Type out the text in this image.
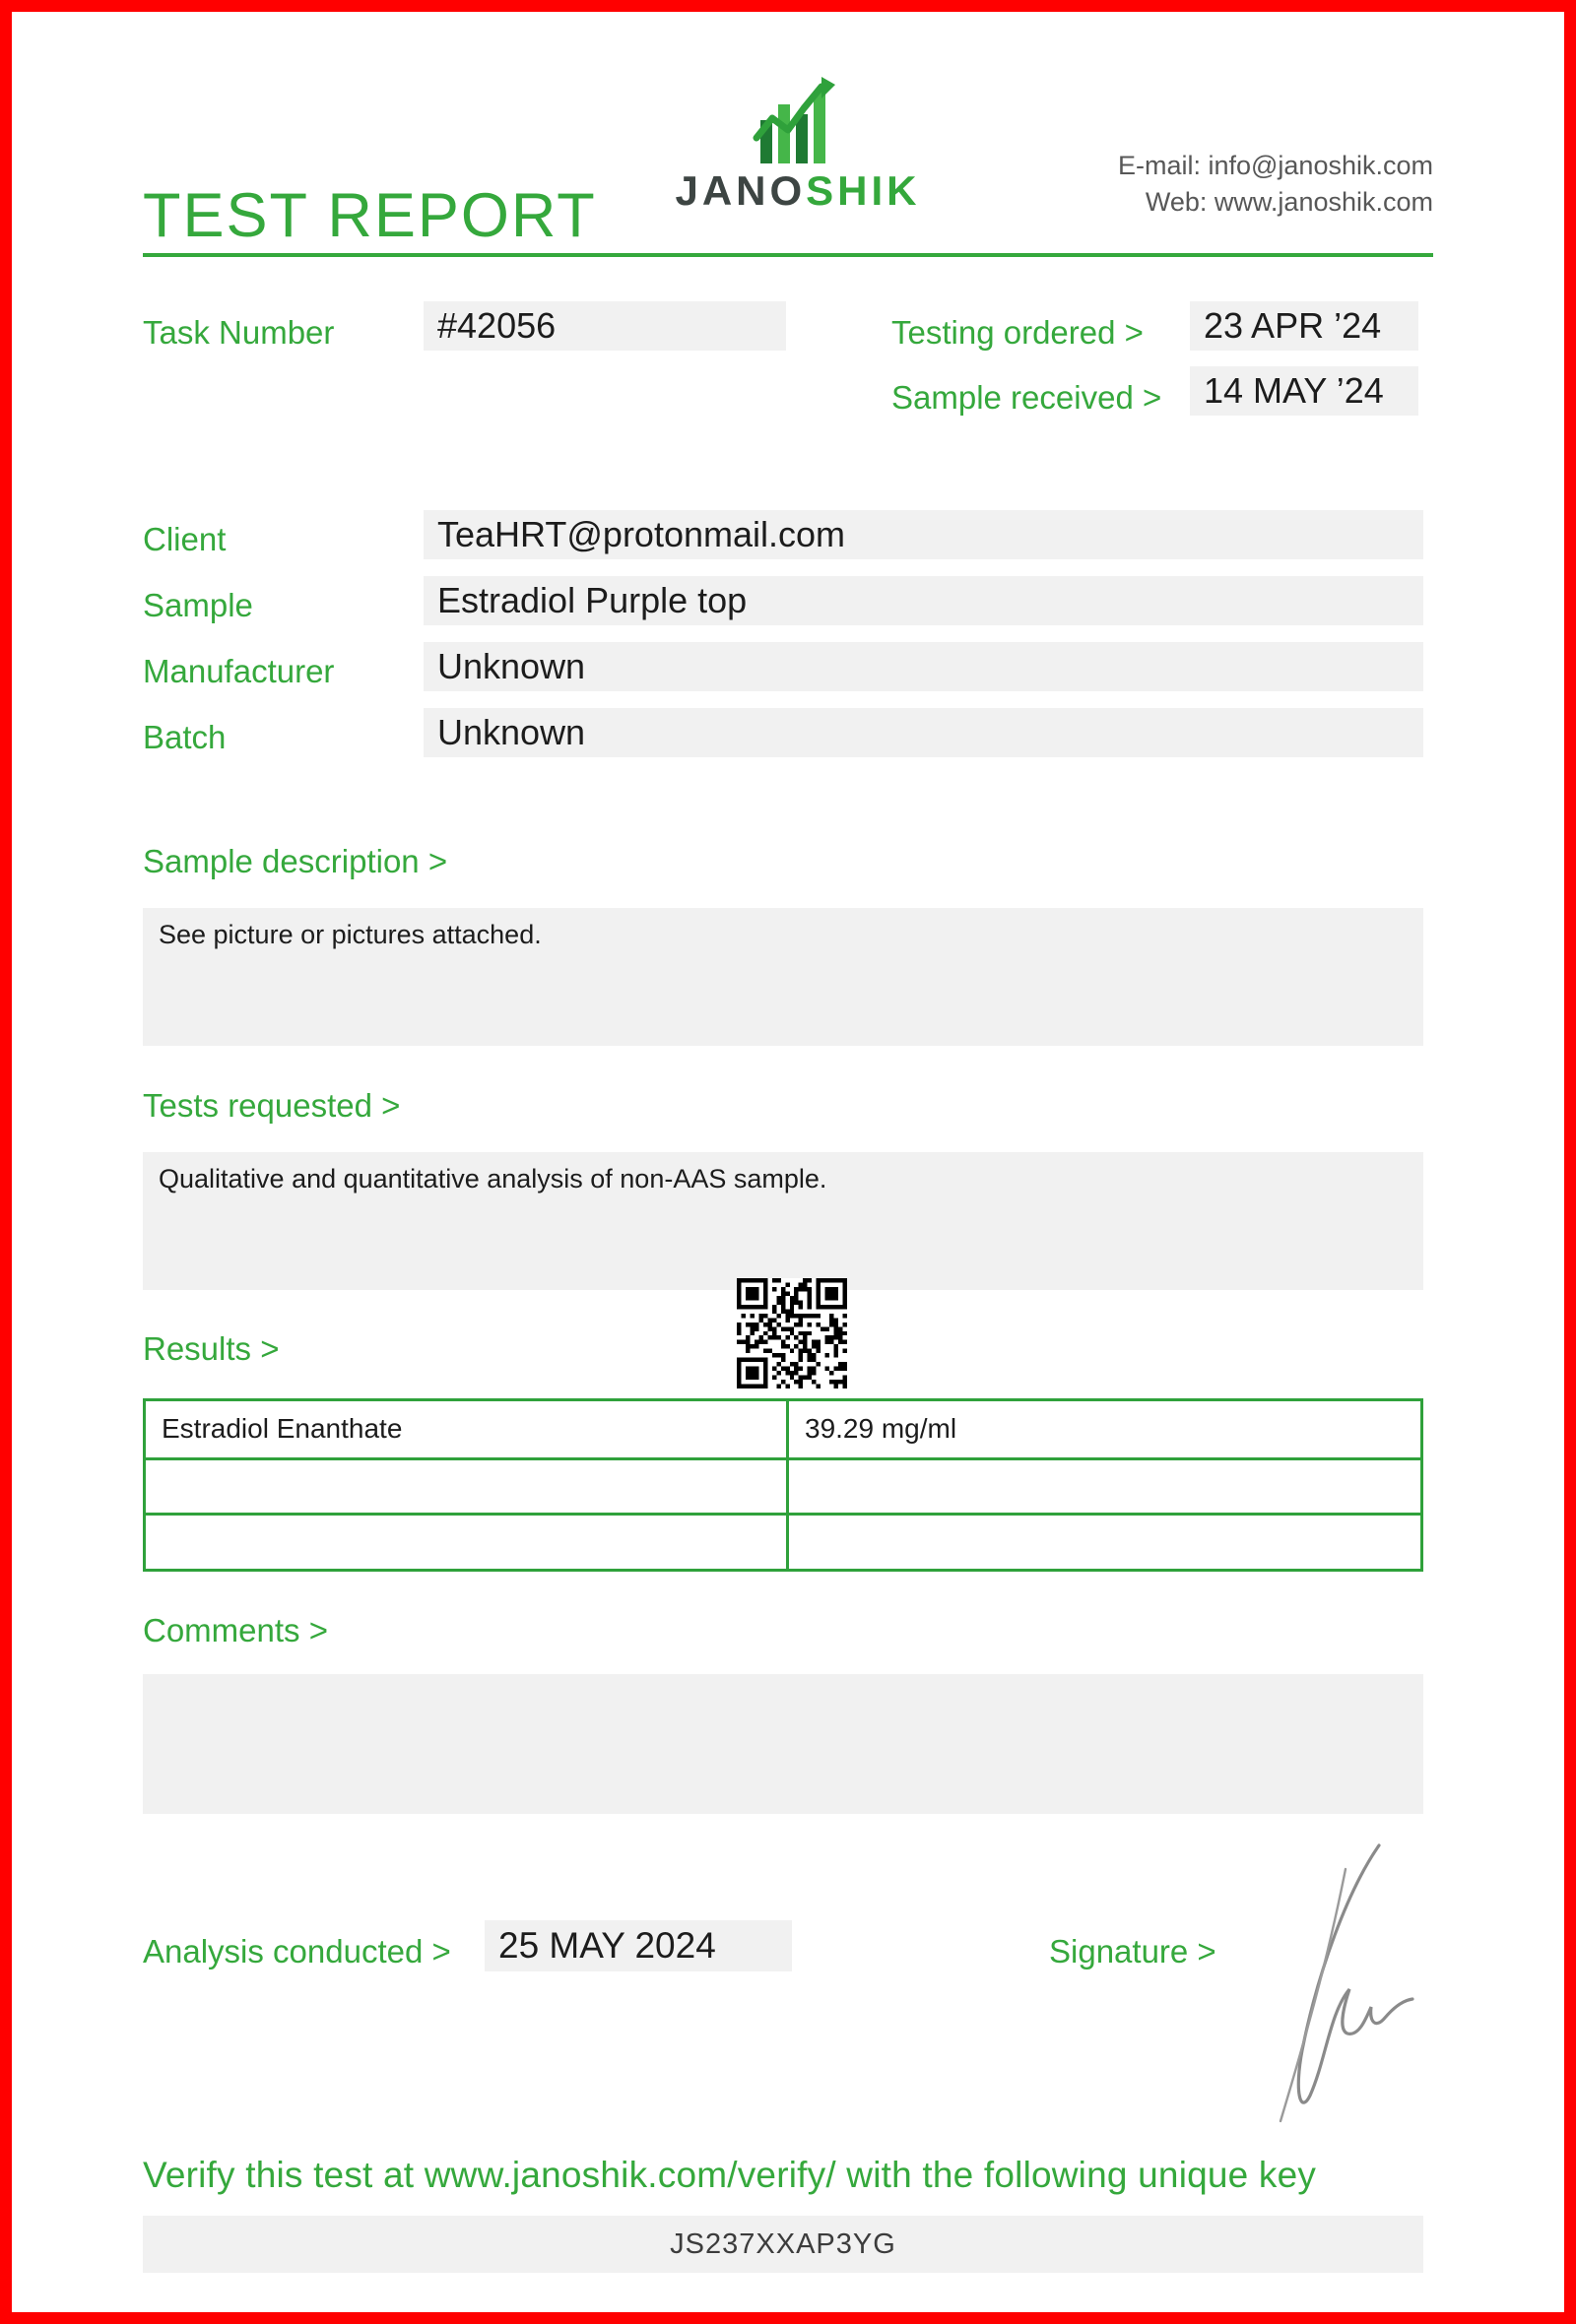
TEST REPORT	JANOSHIK
E-mail: info@janoshik.com
Web: www.janoshik.com
Task Number	#42056	Testing ordered >	23 APR ’24
Sample received >	14 MAY ’24
Client	TeaHRT@protonmail.com
Sample	Estradiol Purple top
Manufacturer	Unknown
Batch	Unknown
Sample description >
See picture or pictures attached.
Tests requested >
Qualitative and quantitative analysis of non-AAS sample.
Results >
Estradiol Enanthate	39.29 mg/ml
Comments >
Analysis conducted >	25 MAY 2024	Signature >
Verify this test at www.janoshik.com/verify/ with the following unique key
JS237XXAP3YG
